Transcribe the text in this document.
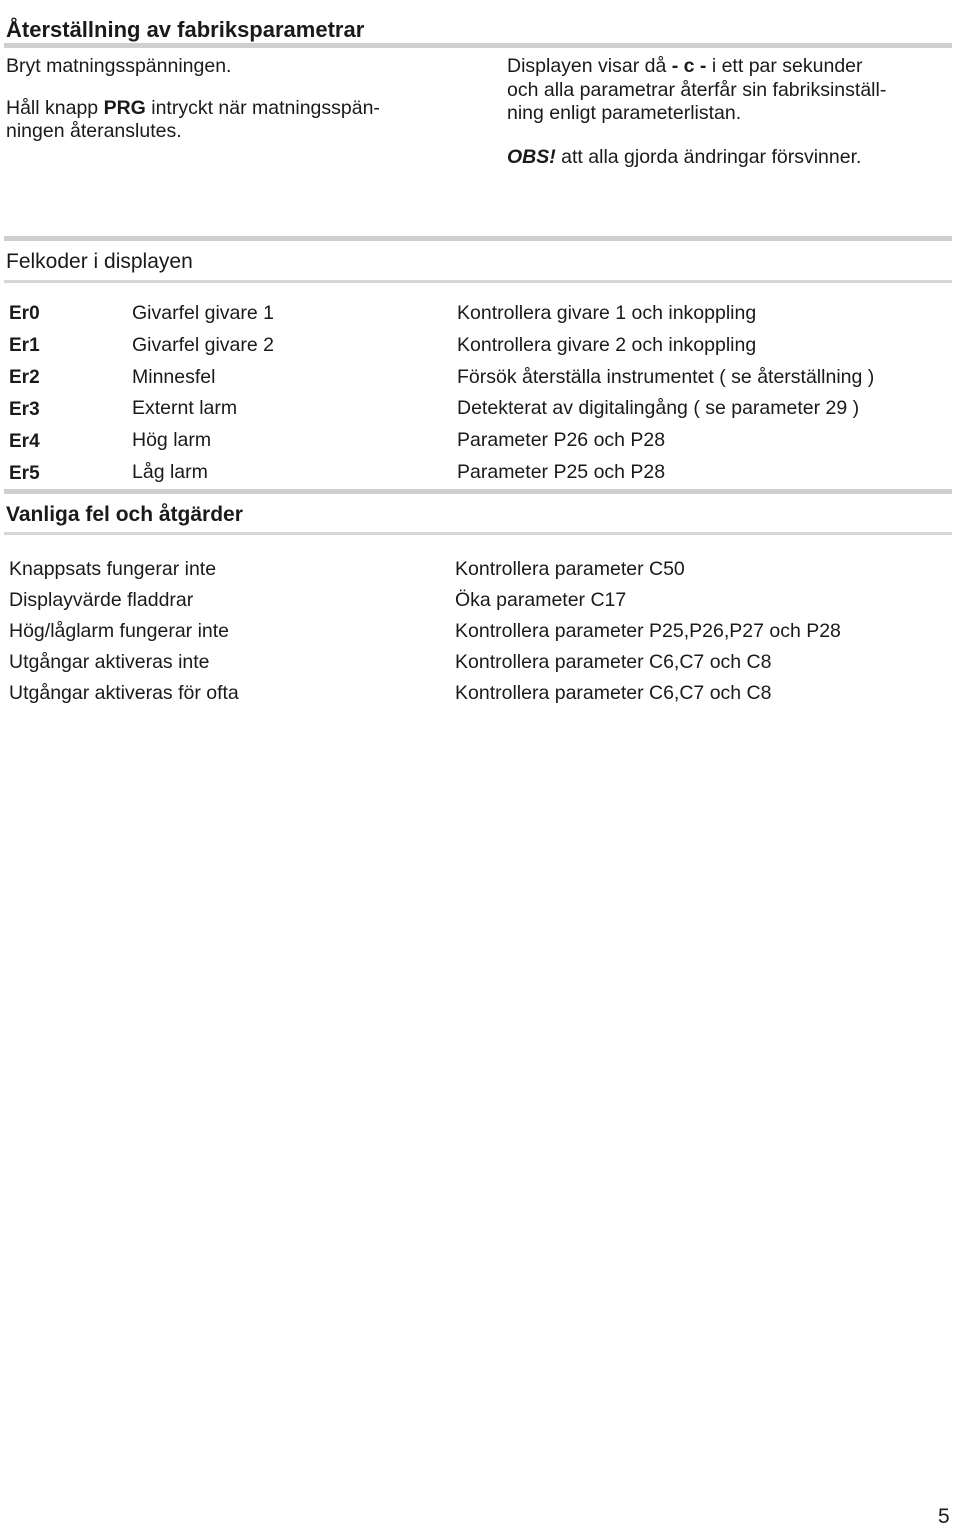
Återställning av fabriksparametrar
Bryt matningsspänningen.
Håll knapp PRG intryckt när matningsspän-
ningen återanslutes.
Displayen visar då - c - i ett par sekunder
och alla parametrar återfår sin fabriksinställ-
ning enligt parameterlistan.
OBS! att alla gjorda ändringar försvinner.
Felkoder i displayen
Er0	Givarfel givare 1	Kontrollera givare 1 och inkoppling
Er1	Givarfel givare 2	Kontrollera givare 2 och inkoppling
Er2	Minnesfel	Försök återställa instrumentet ( se återställning )
Er3	Externt larm	Detekterat av digitalingång ( se parameter 29 )
Er4	Hög larm	Parameter P26 och P28
Er5	Låg larm	Parameter P25 och P28
Vanliga fel och åtgärder
Knappsats fungerar inte	Kontrollera parameter C50
Displayvärde fladdrar	Öka parameter C17
Hög/låglarm fungerar inte	Kontrollera parameter P25,P26,P27 och P28
Utgångar aktiveras inte	Kontrollera parameter C6,C7 och C8
Utgångar aktiveras för ofta	Kontrollera parameter C6,C7 och C8
5
